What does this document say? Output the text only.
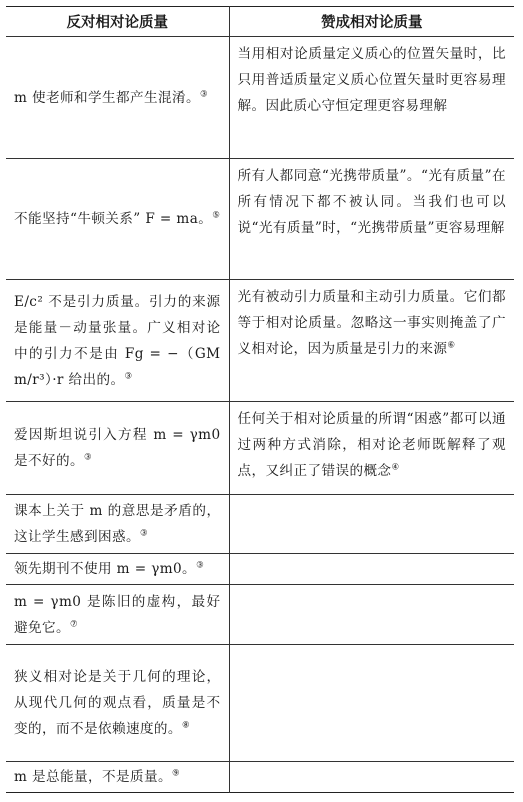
反对相对论质量	赞成相对论质量
m 使老师和学生都产生混淆。③	当用相对论质量定义质心的位置矢量时，比只用普适质量定义质心位置矢量时更容易理解。因此质心守恒定理更容易理解
不能坚持“牛顿关系” F = ma。⑤	所有人都同意“光携带质量”。“光有质量”在所有情况下都不被认同。当我们也可以说“光有质量”时，“光携带质量”更容易理解
E/c² 不是引力质量。引力的来源是能量－动量张量。广义相对论中的引力不是由 Fg = −（GMm/r³）·r 给出的。③	光有被动引力质量和主动引力质量。它们都等于相对论质量。忽略这一事实则掩盖了广义相对论，因为质量是引力的来源⑥
爱因斯坦说引入方程 m = γm0 是不好的。③	任何关于相对论质量的所谓“困惑”都可以通过两种方式消除，相对论老师既解释了观点，又纠正了错误的概念④
课本上关于 m 的意思是矛盾的，这让学生感到困惑。③	
领先期刊不使用 m = γm0。③	
m = γm0 是陈旧的虚构，最好避免它。⑦	
狭义相对论是关于几何的理论，从现代几何的观点看，质量是不变的，而不是依赖速度的。⑧	
m 是总能量，不是质量。⑨	
